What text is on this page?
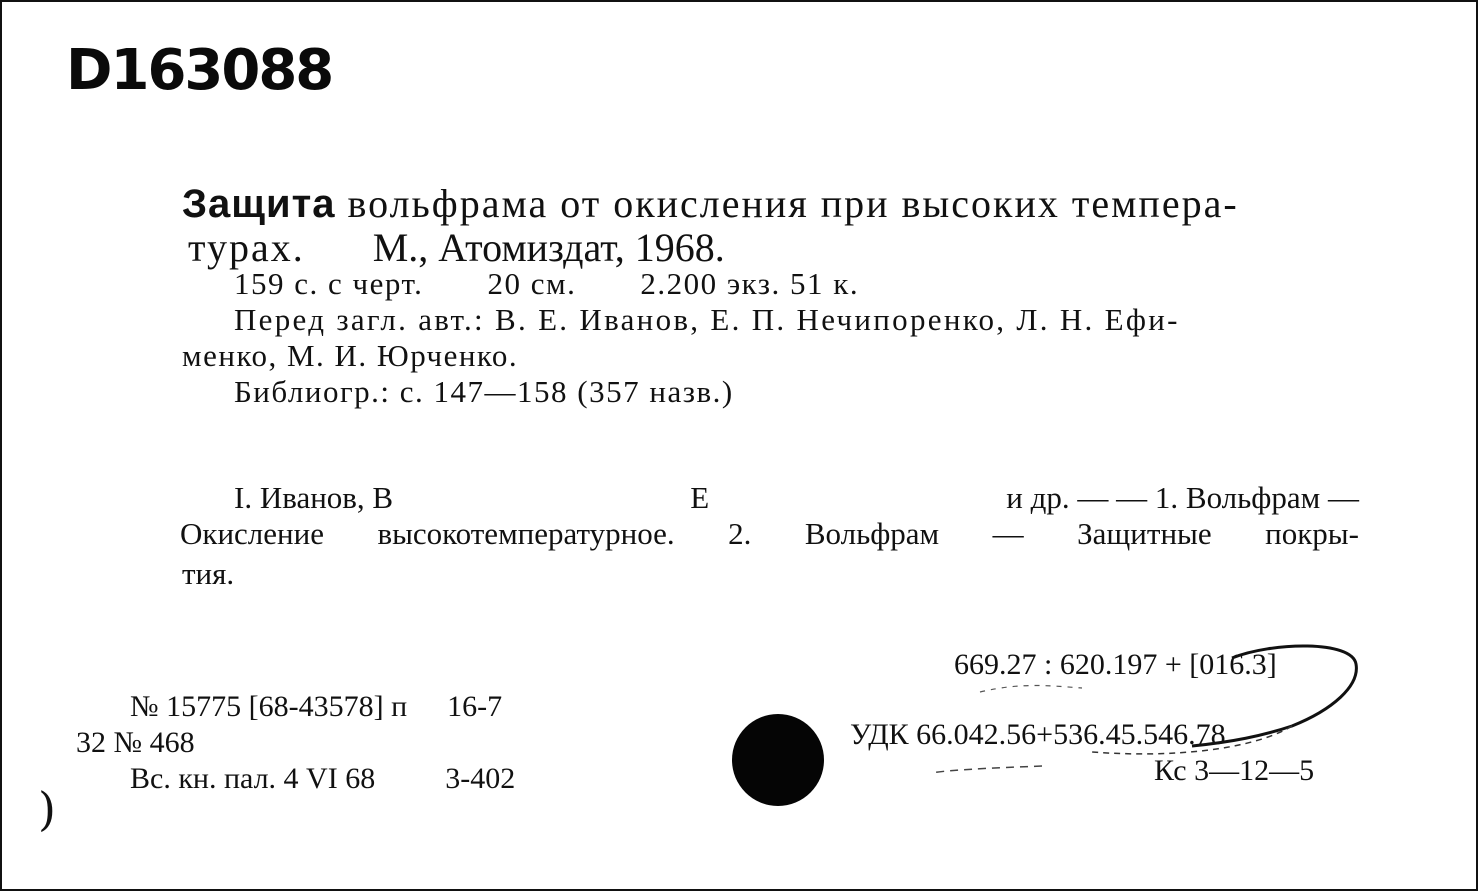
D163088
Защита вольфрама от окисления при высоких темпера-
турах. М., Атомиздат, 1968.
159 с. с черт. 20 см. 2.200 экз. 51 к.
Перед загл. авт.: В. Е. Иванов, Е. П. Нечипоренко, Л. Н. Ефи-
менко, М. И. Юрченко.
Библиогр.: с. 147—158 (357 назв.)
I. Иванов, В	Е	и др. — — 1. Вольфрам —
Окисление высокотемпературное. 2. Вольфрам — Защитные покры-
тия.
669.27 : 620.197 + [016.3]
УДК 66.042.56+536.45.546.78
Кс 3—12—5
№ 15775 [68-43578] п 16-7
32 № 468
Вс. кн. пал. 4 VI 68 3-402
)
